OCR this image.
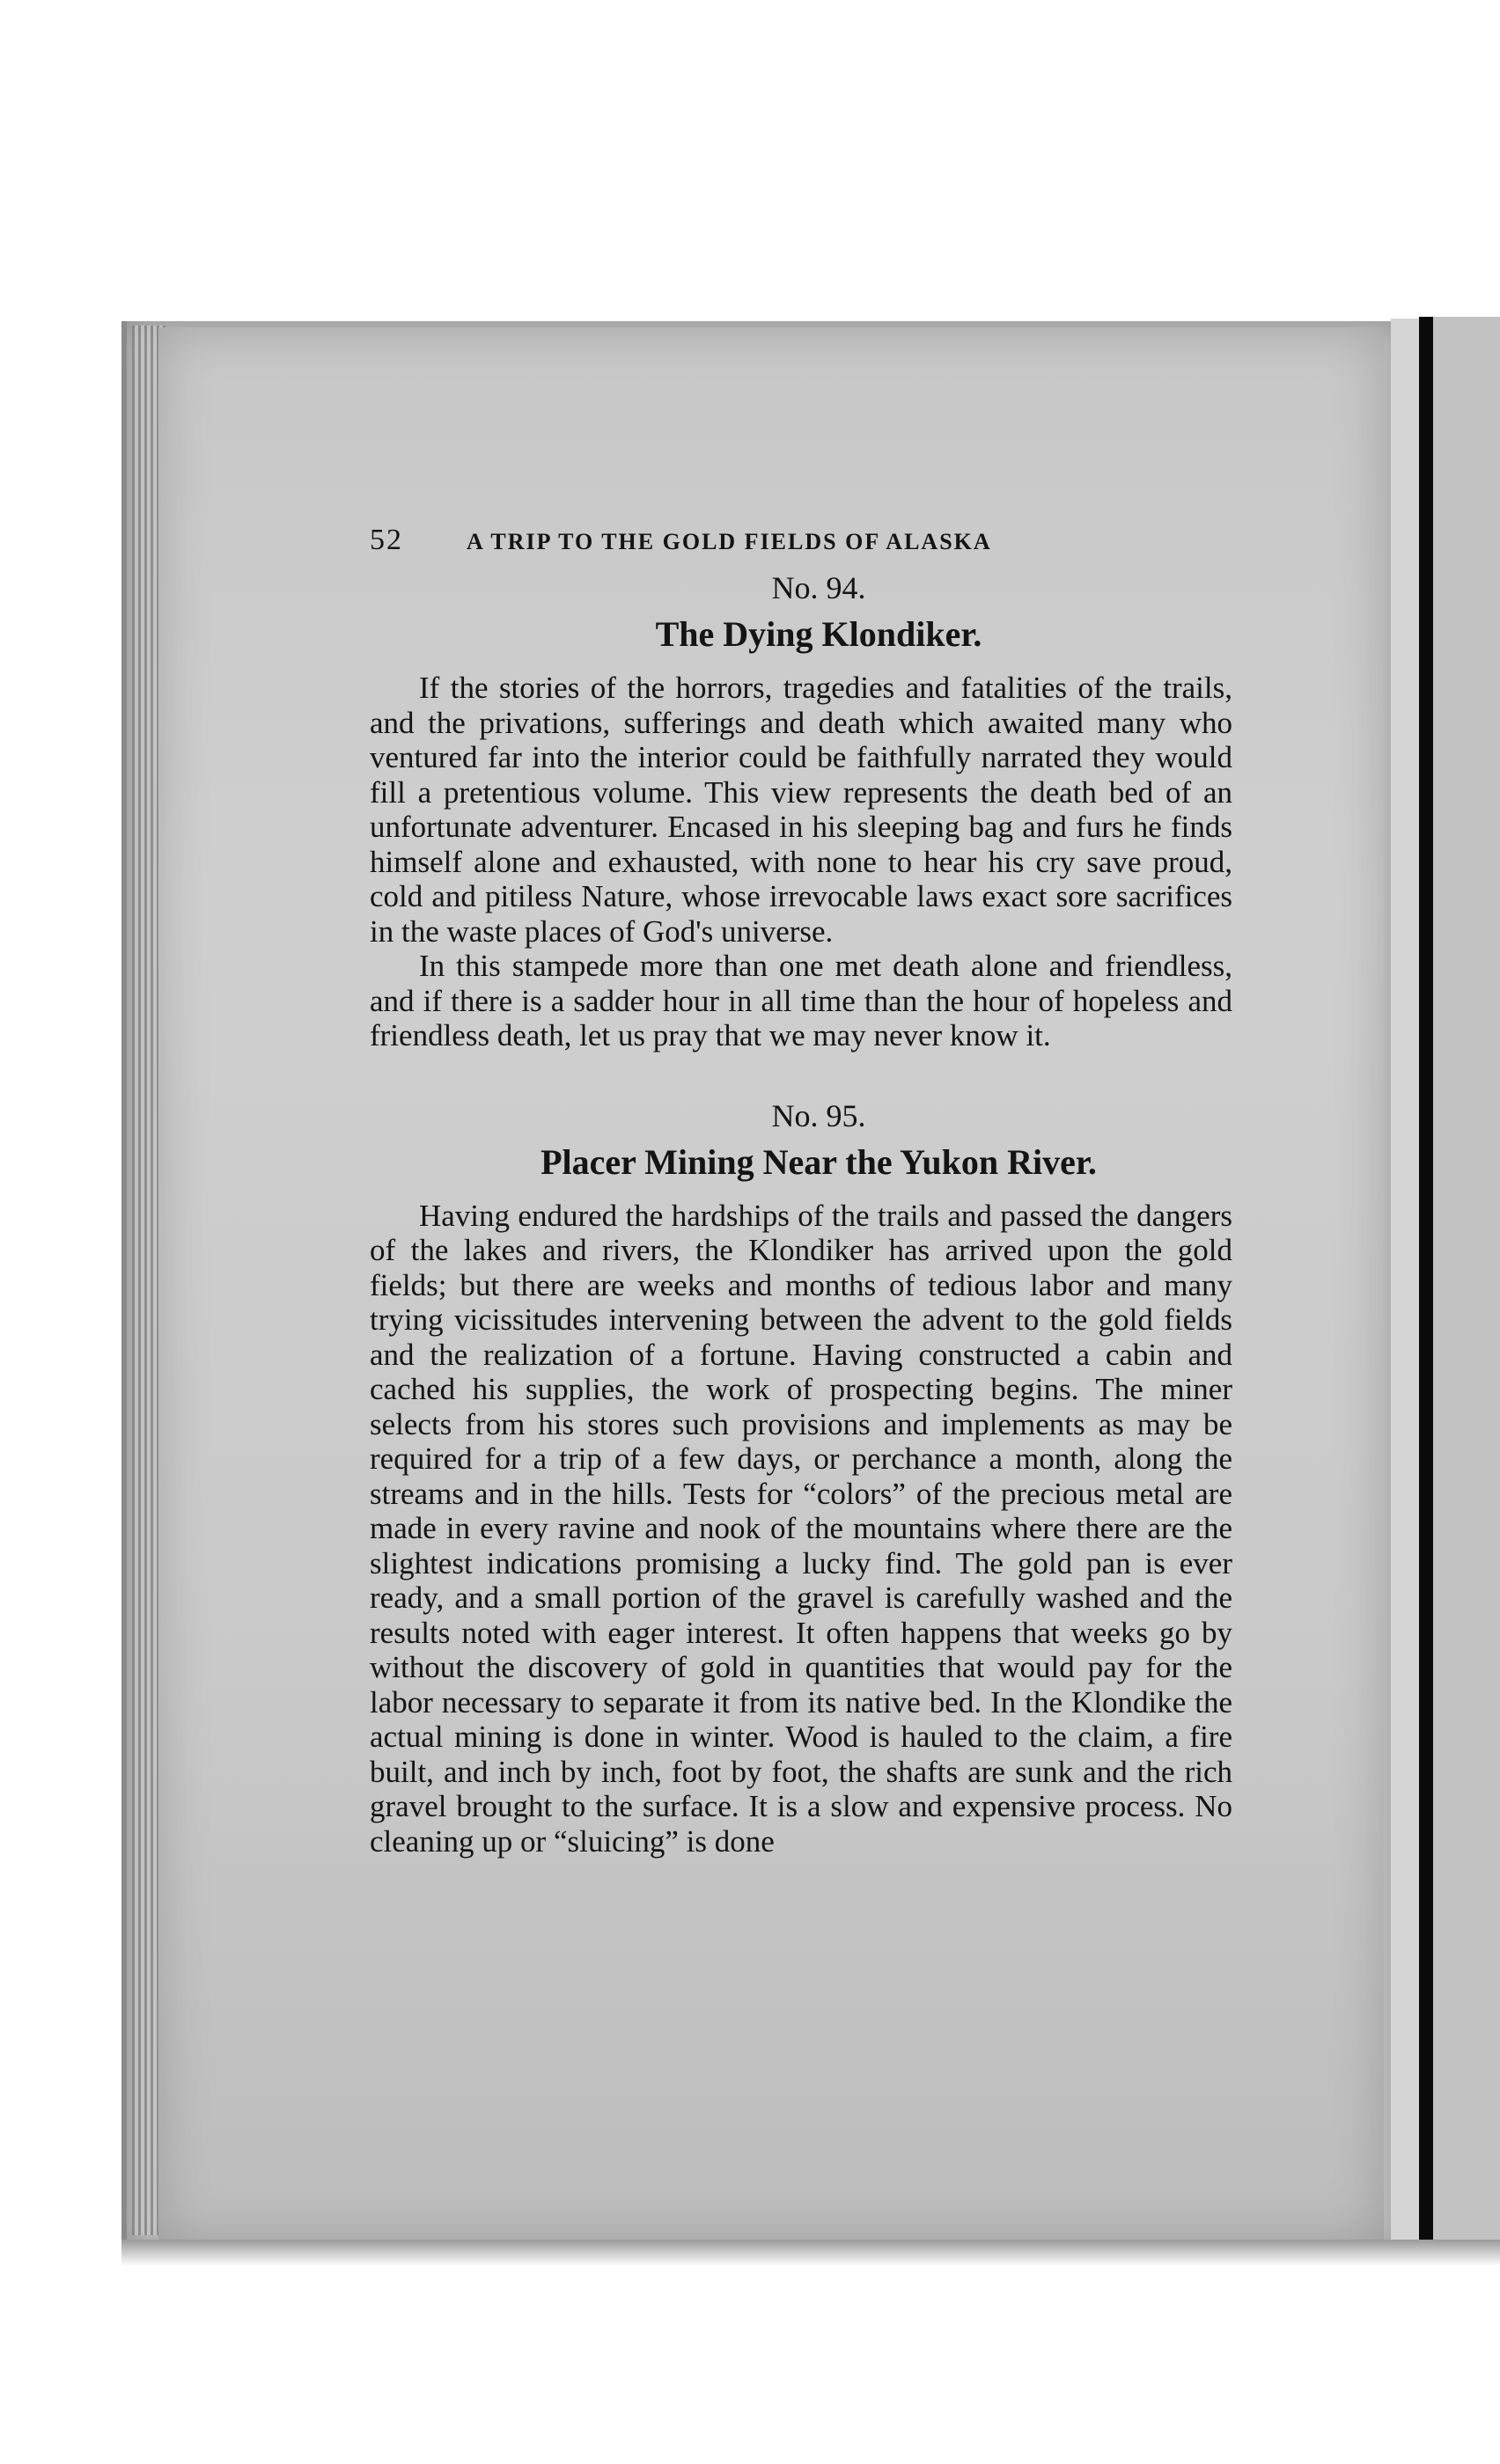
52	A TRIP TO THE GOLD FIELDS OF ALASKA
No. 94.
The Dying Klondiker.

If the stories of the horrors, tragedies and fatalities of the trails, and the privations, sufferings and death which awaited many who ventured far into the interior could be faithfully narrated they would fill a pretentious volume. This view represents the death bed of an unfortunate adventurer. Encased in his sleeping bag and furs he finds himself alone and exhausted, with none to hear his cry save proud, cold and pitiless Nature, whose irrevocable laws exact sore sacrifices in the waste places of God's universe.

In this stampede more than one met death alone and friendless, and if there is a sadder hour in all time than the hour of hopeless and friendless death, let us pray that we may never know it.

No. 95.
Placer Mining Near the Yukon River.

Having endured the hardships of the trails and passed the dangers of the lakes and rivers, the Klondiker has arrived upon the gold fields; but there are weeks and months of tedious labor and many trying vicissitudes intervening between the advent to the gold fields and the realization of a fortune. Having constructed a cabin and cached his supplies, the work of prospecting begins. The miner selects from his stores such provisions and implements as may be required for a trip of a few days, or perchance a month, along the streams and in the hills. Tests for “colors” of the precious metal are made in every ravine and nook of the mountains where there are the slightest indications promising a lucky find. The gold pan is ever ready, and a small portion of the gravel is carefully washed and the results noted with eager interest. It often happens that weeks go by without the discovery of gold in quantities that would pay for the labor necessary to separate it from its native bed. In the Klondike the actual mining is done in winter. Wood is hauled to the claim, a fire built, and inch by inch, foot by foot, the shafts are sunk and the rich gravel brought to the surface. It is a slow and expensive process. No cleaning up or “sluicing” is done
